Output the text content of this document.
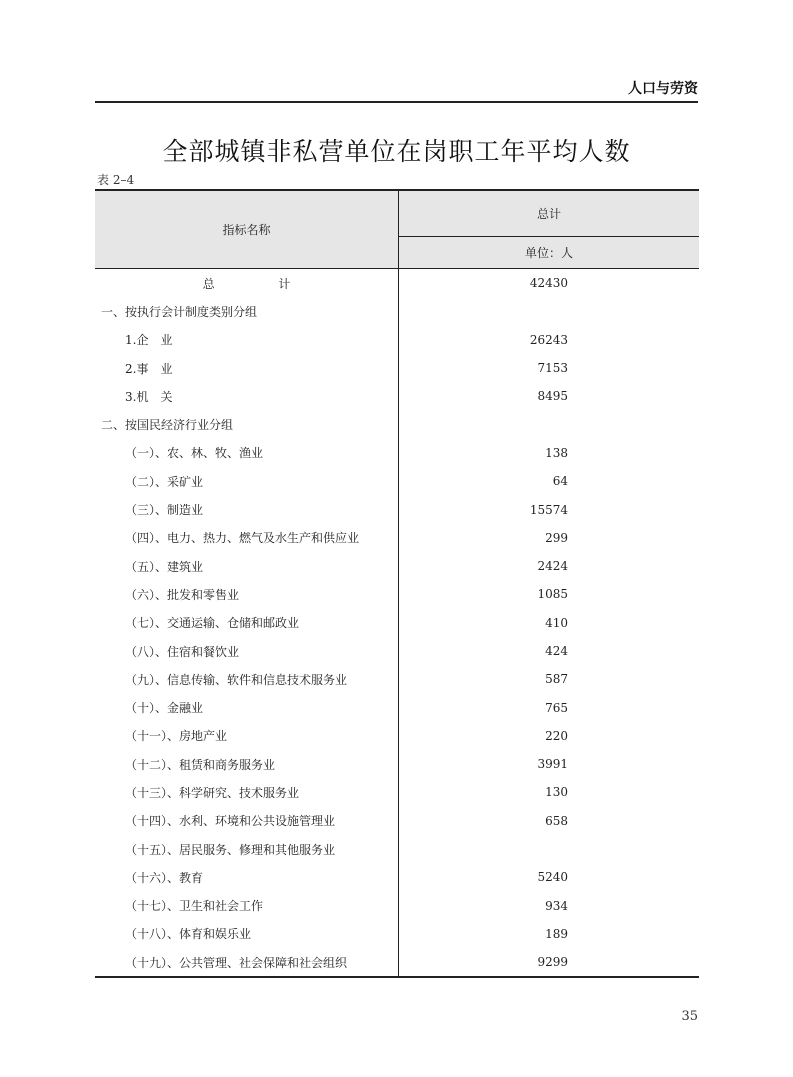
人口与劳资
全部城镇非私营单位在岗职工年平均人数
表 2–4
指标名称	总计
	单位：人
总 计	42430
一、按执行会计制度类别分组	
1.企　业	26243
2.事　业	7153
3.机　关	8495
二、按国民经济行业分组	
（一）、农、林、牧、渔业	138
（二）、采矿业	64
（三）、制造业	15574
（四）、电力、热力、燃气及水生产和供应业	299
（五）、建筑业	2424
（六）、批发和零售业	1085
（七）、交通运输、仓储和邮政业	410
（八）、住宿和餐饮业	424
（九）、信息传输、软件和信息技术服务业	587
（十）、金融业	765
（十一）、房地产业	220
（十二）、租赁和商务服务业	3991
（十三）、科学研究、技术服务业	130
（十四）、水利、环境和公共设施管理业	658
（十五）、居民服务、修理和其他服务业	
（十六）、教育	5240
（十七）、卫生和社会工作	934
（十八）、体育和娱乐业	189
（十九）、公共管理、社会保障和社会组织	9299
35
